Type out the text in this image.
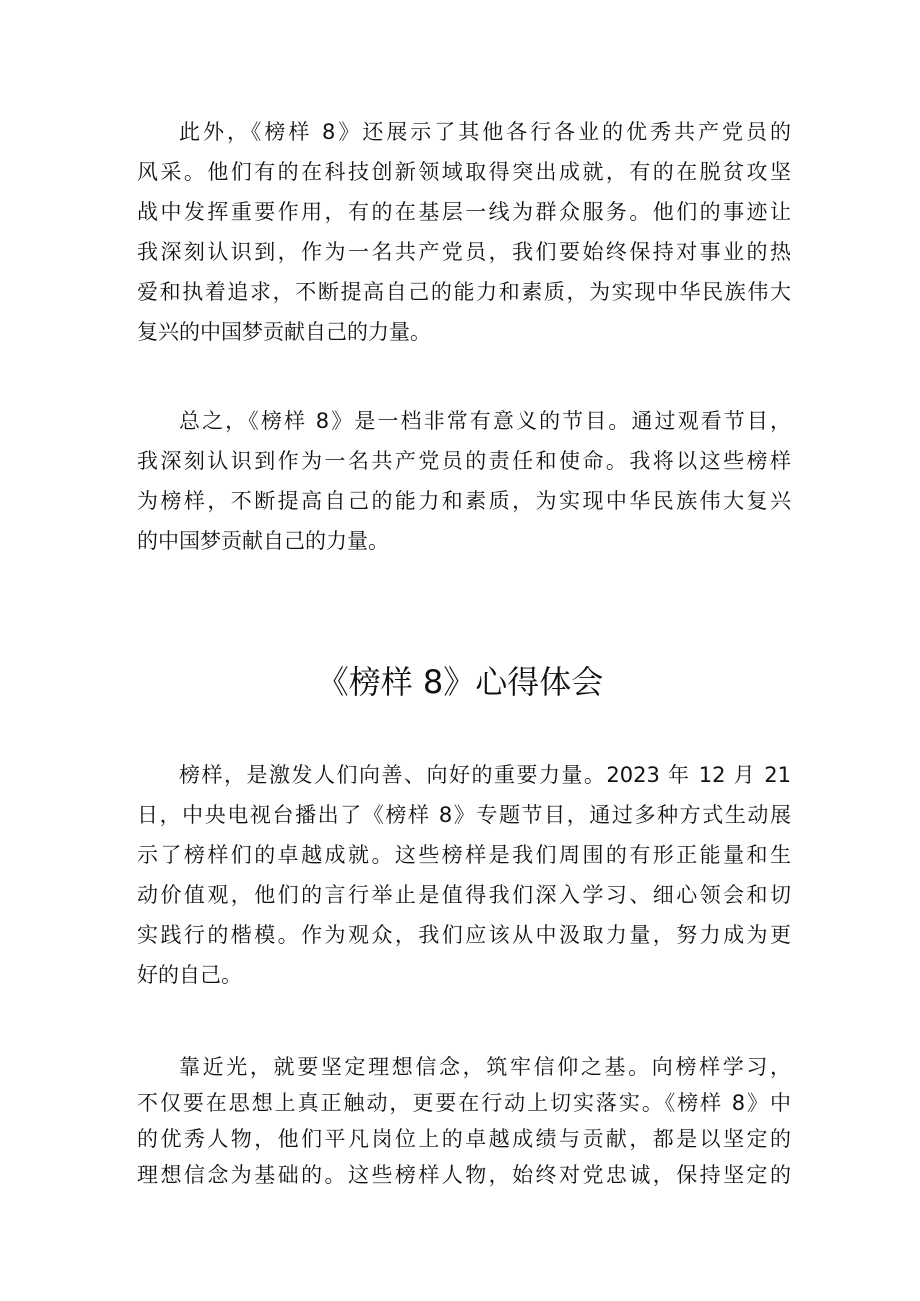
此外，《榜样 8》还展示了其他各行各业的优秀共产党员的
风采。他们有的在科技创新领域取得突出成就，有的在脱贫攻坚
战中发挥重要作用，有的在基层一线为群众服务。他们的事迹让
我深刻认识到，作为一名共产党员，我们要始终保持对事业的热
爱和执着追求，不断提高自己的能力和素质，为实现中华民族伟大
复兴的中国梦贡献自己的力量。
总之，《榜样 8》是一档非常有意义的节目。通过观看节目，
我深刻认识到作为一名共产党员的责任和使命。我将以这些榜样
为榜样，不断提高自己的能力和素质，为实现中华民族伟大复兴
的中国梦贡献自己的力量。
《榜样 8》心得体会
榜样，是激发人们向善、向好的重要力量。2023 年 12 月 21
日，中央电视台播出了《榜样 8》专题节目，通过多种方式生动展
示了榜样们的卓越成就。这些榜样是我们周围的有形正能量和生
动价值观，他们的言行举止是值得我们深入学习、细心领会和切
实践行的楷模。作为观众，我们应该从中汲取力量，努力成为更
好的自己。
靠近光，就要坚定理想信念，筑牢信仰之基。向榜样学习，
不仅要在思想上真正触动，更要在行动上切实落实。《榜样 8》中
的优秀人物，他们平凡岗位上的卓越成绩与贡献，都是以坚定的
理想信念为基础的。这些榜样人物，始终对党忠诚，保持坚定的
